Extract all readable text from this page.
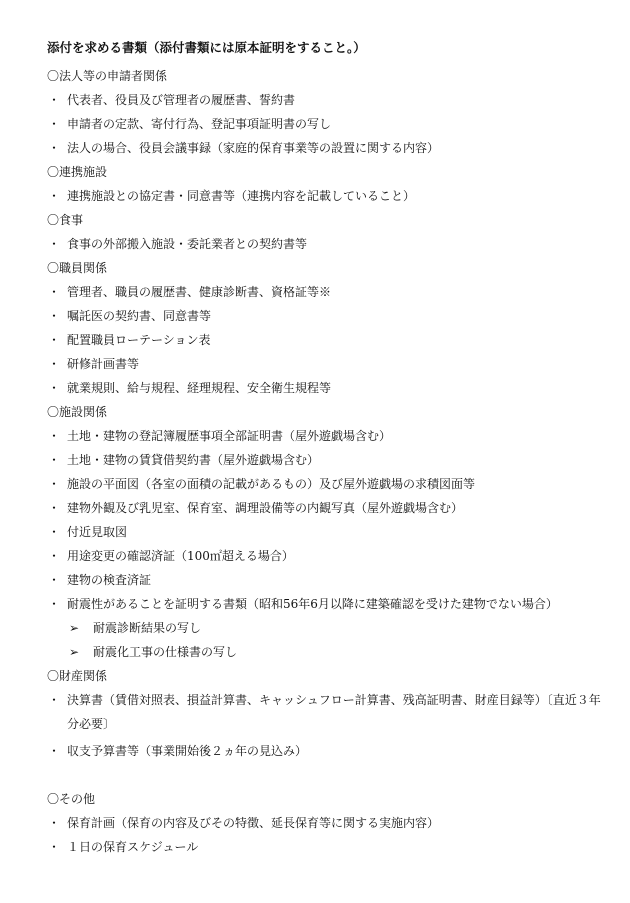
添付を求める書類（添付書類には原本証明をすること。）
〇法人等の申請者関係
・ 代表者、役員及び管理者の履歴書、誓約書
・ 申請者の定款、寄付行為、登記事項証明書の写し
・ 法人の場合、役員会議事録（家庭的保育事業等の設置に関する内容）
〇連携施設
・ 連携施設との協定書・同意書等（連携内容を記載していること）
〇食事
・ 食事の外部搬入施設・委託業者との契約書等
〇職員関係
・ 管理者、職員の履歴書、健康診断書、資格証等※
・ 嘱託医の契約書、同意書等
・ 配置職員ローテーション表
・ 研修計画書等
・ 就業規則、給与規程、経理規程、安全衛生規程等
〇施設関係
・ 土地・建物の登記簿履歴事項全部証明書（屋外遊戯場含む）
・ 土地・建物の賃貸借契約書（屋外遊戯場含む）
・ 施設の平面図（各室の面積の記載があるもの）及び屋外遊戯場の求積図面等
・ 建物外観及び乳児室、保育室、調理設備等の内観写真（屋外遊戯場含む）
・ 付近見取図
・ 用途変更の確認済証（100㎡超える場合）
・ 建物の検査済証
・ 耐震性があることを証明する書類（昭和56年6月以降に建築確認を受けた建物でない場合）
➢ 耐震診断結果の写し
➢ 耐震化工事の仕様書の写し
〇財産関係
・ 決算書（賃借対照表、損益計算書、キャッシュフロー計算書、残高証明書、財産目録等）〔直近３年分必要〕
・ 収支予算書等（事業開始後２ヵ年の見込み）
〇その他
・ 保育計画（保育の内容及びその特徴、延長保育等に関する実施内容）
・ １日の保育スケジュール
